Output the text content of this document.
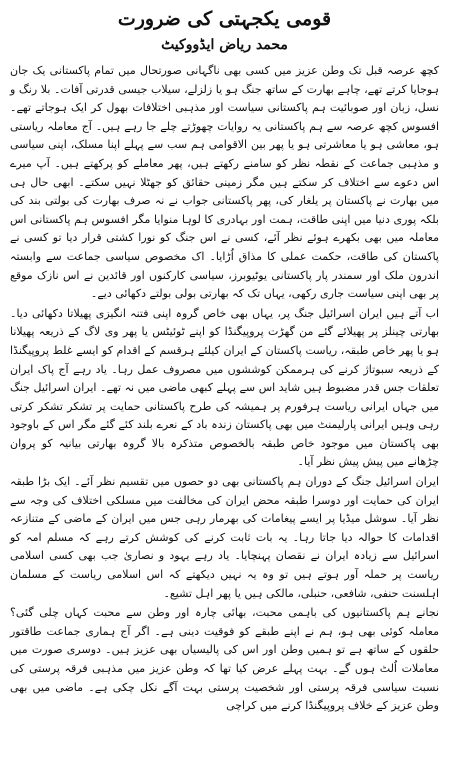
قومی یکجہتی کی ضرورت
محمد ریاض ایڈووکیٹ

کچھ عرصہ قبل تک وطن عزیز میں کسی بھی ناگہانی صورتحال میں تمام پاکستانی یک جان ہوجایا کرتے تھے، چاہے بھارت کے ساتھ جنگ ہو یا زلزلے، سیلاب جیسی قدرتی آفات۔ بلا رنگ و نسل، زبان اور صوبائیت ہم پاکستانی سیاست اور مذہبی اختلافات بھول کر ایک ہوجاتے تھے۔ افسوس کچھ عرصہ سے ہم پاکستانی یہ روایات چھوڑتے چلے جا رہے ہیں۔ آج معاملہ ریاستی ہو، معاشی ہو یا معاشرتی ہو یا پھر بین الاقوامی ہم سب سے پہلے اپنا مسلک، اپنی سیاسی و مذہبی جماعت کے نقطہ نظر کو سامنے رکھتے ہیں، پھر معاملے کو پرکھتے ہیں۔ آپ میرے اس دعوے سے اختلاف کر سکتے ہیں مگر زمینی حقائق کو جھٹلا نہیں سکتے۔ ابھی حال ہی میں بھارت نے پاکستان پر یلغار کی، پھر پاکستانی جواب نے نہ صرف بھارت کی بولتی بند کی بلکہ پوری دنیا میں اپنی طاقت، ہمت اور بہادری کا لوہا منوایا مگر افسوس ہم پاکستانی اس معاملہ میں بھی بکھرے ہوئے نظر آئے، کسی نے اس جنگ کو نورا کشتی قرار دیا تو کسی نے پاکستان کی طاقت، حکمت عملی کا مذاق اُڑایا۔ اک مخصوص سیاسی جماعت سے وابستہ اندرون ملک اور سمندر پار پاکستانی یوٹیوبرز، سیاسی کارکنوں اور قائدین نے اس نازک موقع پر بھی اپنی سیاست جاری رکھی، یہاں تک کہ بھارتی بولی بولتے دکھائی دیے۔

اب آتے ہیں ایران اسرائیل جنگ پر، یہاں بھی خاص گروہ اپنی فتنہ انگیزی پھیلاتا دکھائی دیا۔ بھارتی چینلز پر پھیلائے گئے من گھڑت پروپیگنڈا کو اپنے ٹوئیٹس یا پھر وی لاگ کے ذریعہ پھیلانا ہو یا پھر خاص طبقہ، ریاست پاکستان کے ایران کیلئے ہرقسم کے اقدام کو ایسے غلط پروپیگنڈا کے ذریعہ سبوتاژ کرنے کی ہرممکن کوششوں میں مصروف عمل رہا۔ یاد رہے آج پاک ایران تعلقات جس قدر مضبوط ہیں شاید اس سے پہلے کبھی ماضی میں نہ تھے۔ ایران اسرائیل جنگ میں جہاں ایرانی ریاست ہرفورم پر ہمیشہ کی طرح پاکستانی حمایت پر تشکر تشکر کرتی رہی وہیں ایرانی پارلیمنٹ میں بھی پاکستان زندہ باد کے نعرے بلند کئے گئے مگر اس کے باوجود بھی پاکستان میں موجود خاص طبقہ بالخصوص متذکرہ بالا گروہ بھارتی بیانیہ کو پروان چڑھانے میں پیش پیش نظر آیا۔

ایران اسرائیل جنگ کے دوران ہم پاکستانی بھی دو حصوں میں تقسیم نظر آئے۔ ایک بڑا طبقہ ایران کی حمایت اور دوسرا طبقہ محض ایران کی مخالفت میں مسلکی اختلاف کی وجہ سے نظر آیا۔ سوشل میڈیا پر ایسے پیغامات کی بھرمار رہی جس میں ایران کے ماضی کے متنازعہ اقدامات کا حوالہ دیا جاتا رہا۔ یہ بات ثابت کرنے کی کوشش کرتے رہے کہ مسلم امہ کو اسرائیل سے زیادہ ایران نے نقصان پہنچایا۔ یاد رہے یہود و نصاریٰ جب بھی کسی اسلامی ریاست پر حملہ آور ہوتے ہیں تو وہ یہ نہیں دیکھتے کہ اس اسلامی ریاست کے مسلمان اہلسنت حنفی، شافعی، حنبلی، مالکی ہیں یا پھر اہل تشیع۔

نجانے ہم پاکستانیوں کی باہمی محبت، بھائی چارہ اور وطن سے محبت کہاں چلی گئی؟ معاملہ کوئی بھی ہو، ہم نے اپنے طبقے کو فوقیت دینی ہے۔ اگر آج ہماری جماعت طاقتور حلقوں کے ساتھ ہے تو ہمیں وطن اور اس کی پالیسیاں بھی عزیز ہیں۔ دوسری صورت میں معاملات اُلٹ ہوں گے۔ بہت پہلے عرض کیا تھا کہ وطن عزیز میں مذہبی فرقہ پرستی کی نسبت سیاسی فرقہ پرستی اور شخصیت پرستی بہت آگے نکل چکی ہے۔ ماضی میں بھی وطن عزیز کے خلاف پروپیگنڈا کرنے میں کراچی
